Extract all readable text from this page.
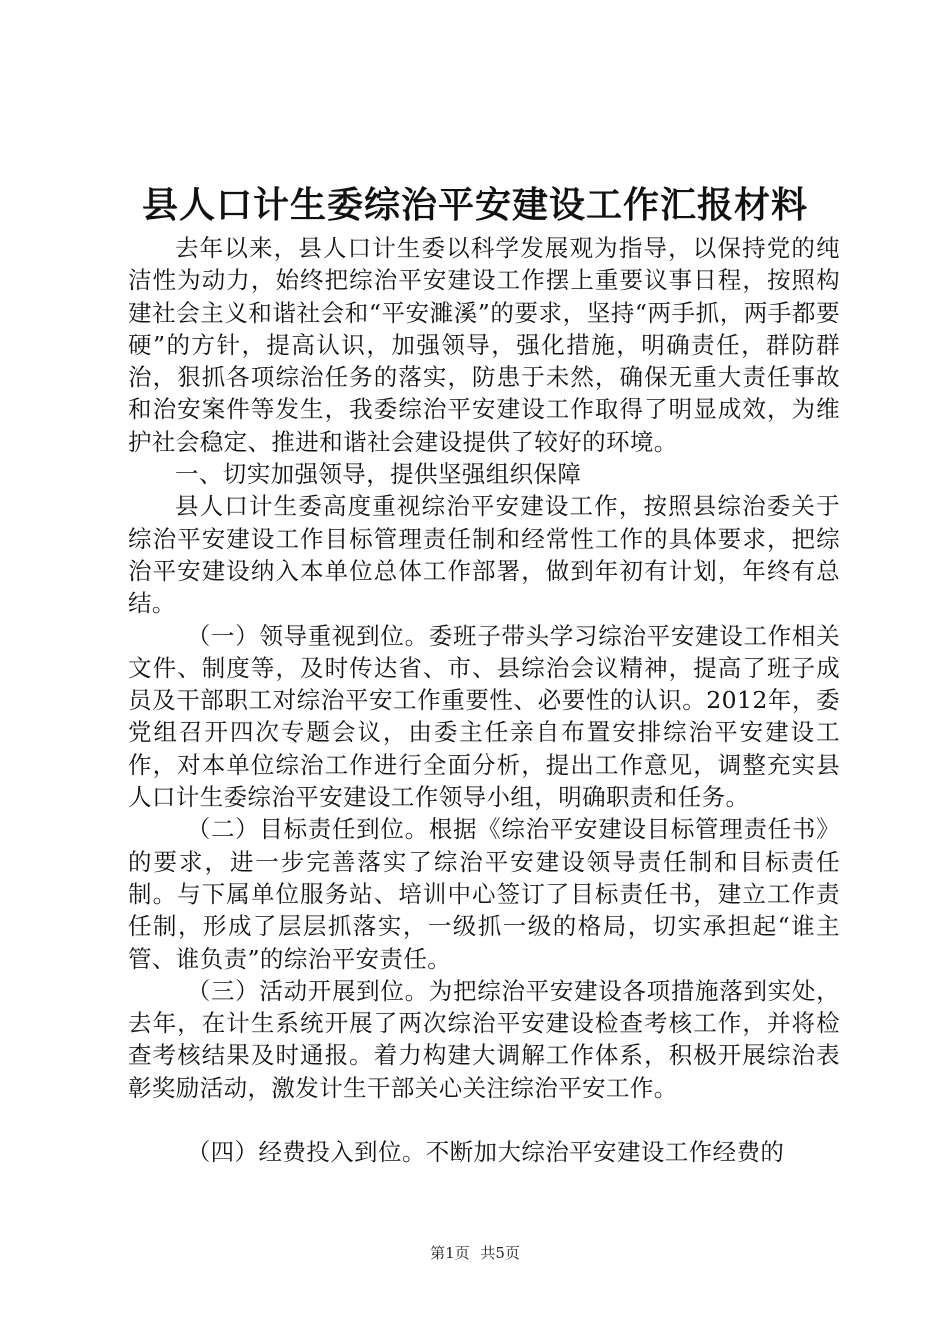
县人口计生委综治平安建设工作汇报材料

去年以来，县人口计生委以科学发展观为指导，以保持党的纯洁性为动力，始终把综治平安建设工作摆上重要议事日程，按照构建社会主义和谐社会和“平安濉溪”的要求，坚持“两手抓，两手都要硬”的方针，提高认识，加强领导，强化措施，明确责任，群防群治，狠抓各项综治任务的落实，防患于未然，确保无重大责任事故和治安案件等发生，我委综治平安建设工作取得了明显成效，为维护社会稳定、推进和谐社会建设提供了较好的环境。

一、切实加强领导，提供坚强组织保障

县人口计生委高度重视综治平安建设工作，按照县综治委关于综治平安建设工作目标管理责任制和经常性工作的具体要求，把综治平安建设纳入本单位总体工作部署，做到年初有计划，年终有总结。

（一）领导重视到位。委班子带头学习综治平安建设工作相关文件、制度等，及时传达省、市、县综治会议精神，提高了班子成员及干部职工对综治平安工作重要性、必要性的认识。2012年，委党组召开四次专题会议，由委主任亲自布置安排综治平安建设工作，对本单位综治工作进行全面分析，提出工作意见，调整充实县人口计生委综治平安建设工作领导小组，明确职责和任务。

（二）目标责任到位。根据《综治平安建设目标管理责任书》的要求，进一步完善落实了综治平安建设领导责任制和目标责任制。与下属单位服务站、培训中心签订了目标责任书，建立工作责任制，形成了层层抓落实，一级抓一级的格局，切实承担起“谁主管、谁负责”的综治平安责任。

（三）活动开展到位。为把综治平安建设各项措施落到实处，去年，在计生系统开展了两次综治平安建设检查考核工作，并将检查考核结果及时通报。着力构建大调解工作体系，积极开展综治表彰奖励活动，激发计生干部关心关注综治平安工作。

（四）经费投入到位。不断加大综治平安建设工作经费的

第1页 共5页
